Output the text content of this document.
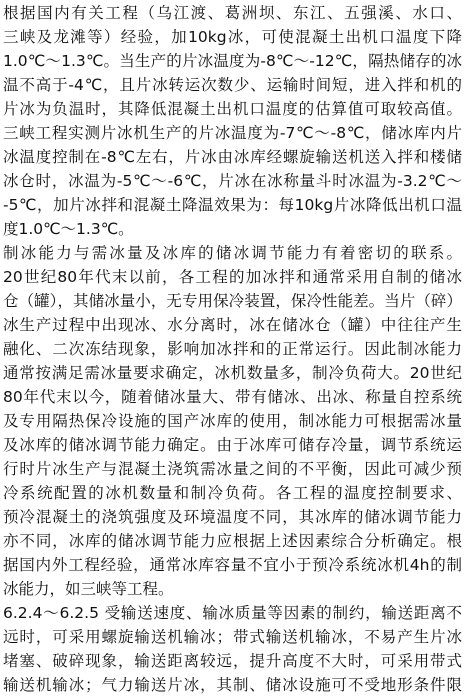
根据国内有关工程（乌江渡、葛洲坝、东江、五强溪、水口、
三峡及龙滩等）经验，加10kg冰，可使混凝土出机口温度下降
1.0℃～1.3℃。当生产的片冰温度为-8℃～-12℃，隔热储存的冰
温不高于-4℃，且片冰转运次数少、运输时间短，进入拌和机的
片冰为负温时，其降低混凝土出机口温度的估算值可取较高值。
三峡工程实测片冰机生产的片冰温度为-7℃～-8℃，储冰库内片
冰温度控制在-8℃左右，片冰由冰库经螺旋输送机送入拌和楼储
冰仓时，冰温为-5℃～-6℃，片冰在冰称量斗时冰温为-3.2℃～
-5℃，加片冰拌和混凝土降温效果为：每10kg片冰降低出机口温
度1.0℃～1.3℃。
制冰能力与需冰量及冰库的储冰调节能力有着密切的联系。
20世纪80年代末以前，各工程的加冰拌和通常采用自制的储冰
仓（罐），其储冰量小，无专用保冷装置，保冷性能差。当片（碎）
冰生产过程中出现冰、水分离时，冰在储冰仓（罐）中往往产生
融化、二次冻结现象，影响加冰拌和的正常运行。因此制冰能力
通常按满足需冰量要求确定，冰机数量多，制冷负荷大。20世纪
80年代末以今，随着储冰量大、带有储冰、出冰、称量自控系统
及专用隔热保冷设施的国产冰库的使用，制冰能力可根据需冰量
及冰库的储冰调节能力确定。由于冰库可储存冷量，调节系统运
行时片冰生产与混凝土浇筑需冰量之间的不平衡，因此可减少预
冷系统配置的冰机数量和制冷负荷。各工程的温度控制要求、
预冷混凝土的浇筑强度及环境温度不同，其冰库的储冰调节能力
亦不同，冰库的储冰调节能力应根据上述因素综合分析确定。根
据国内外工程经验，通常冰库容量不宜小于预冷系统冰机4h的制
冰能力，如三峡等工程。
6.2.4～6.2.5 受输送速度、输冰质量等因素的制约，输送距离不
远时，可采用螺旋输送机输冰；带式输送机输冰，不易产生片冰
堵塞、破碎现象，输送距离较远，提升高度不大时，可采用带式
输送机输冰；气力输送片冰，其制、储冰设施可不受地形条件限
